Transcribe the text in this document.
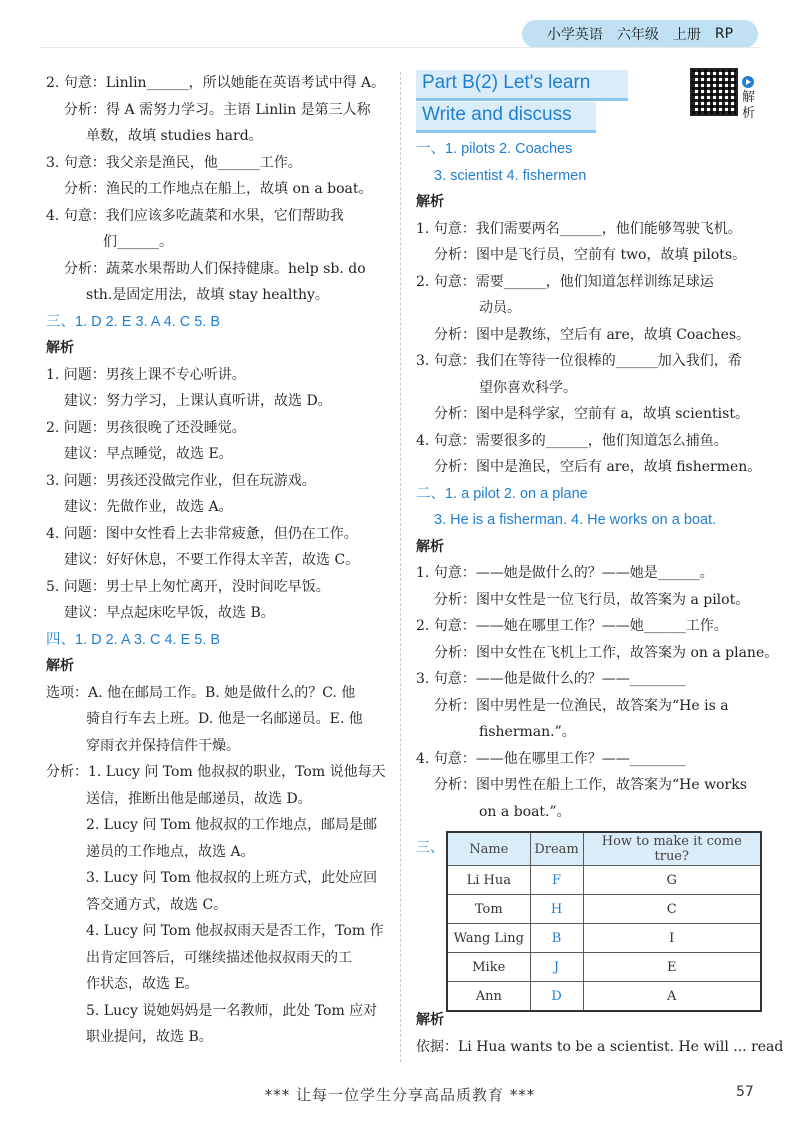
小学英语 六年级 上册 RP
2. 句意：Linlin______，所以她能在英语考试中得 A。
分析：得 A 需努力学习。主语 Linlin 是第三人称
单数，故填 studies hard。
3. 句意：我父亲是渔民，他______工作。
分析：渔民的工作地点在船上，故填 on a boat。
4. 句意：我们应该多吃蔬菜和水果，它们帮助我
们______。
分析：蔬菜水果帮助人们保持健康。help sb. do
sth.是固定用法，故填 stay healthy。
三、1. D 2. E 3. A 4. C 5. B
解析
1. 问题：男孩上课不专心听讲。
建议：努力学习，上课认真听讲，故选 D。
2. 问题：男孩很晚了还没睡觉。
建议：早点睡觉，故选 E。
3. 问题：男孩还没做完作业，但在玩游戏。
建议：先做作业，故选 A。
4. 问题：图中女性看上去非常疲惫，但仍在工作。
建议：好好休息，不要工作得太辛苦，故选 C。
5. 问题：男士早上匆忙离开，没时间吃早饭。
建议：早点起床吃早饭，故选 B。
四、1. D 2. A 3. C 4. E 5. B
解析
选项：A. 他在邮局工作。B. 她是做什么的？C. 他
骑自行车去上班。D. 他是一名邮递员。E. 他
穿雨衣并保持信件干燥。
分析：1. Lucy 问 Tom 他叔叔的职业，Tom 说他每天
送信，推断出他是邮递员，故选 D。
2. Lucy 问 Tom 他叔叔的工作地点，邮局是邮
递员的工作地点，故选 A。
3. Lucy 问 Tom 他叔叔的上班方式，此处应回
答交通方式，故选 C。
4. Lucy 问 Tom 他叔叔雨天是否工作，Tom 作
出肯定回答后，可继续描述他叔叔雨天的工
作状态，故选 E。
5. Lucy 说她妈妈是一名教师，此处 Tom 应对
职业提问，故选 B。
Part B(2) Let's learn
Write and discuss
解析
一、1. pilots 2. Coaches
3. scientist 4. fishermen
解析
1. 句意：我们需要两名______，他们能够驾驶飞机。
分析：图中是飞行员，空前有 two，故填 pilots。
2. 句意：需要______，他们知道怎样训练足球运
动员。
分析：图中是教练，空后有 are，故填 Coaches。
3. 句意：我们在等待一位很棒的______加入我们，希
望你喜欢科学。
分析：图中是科学家，空前有 a，故填 scientist。
4. 句意：需要很多的______，他们知道怎么捕鱼。
分析：图中是渔民，空后有 are，故填 fishermen。
二、1. a pilot 2. on a plane
3. He is a fisherman. 4. He works on a boat.
解析
1. 句意：——她是做什么的？——她是______。
分析：图中女性是一位飞行员，故答案为 a pilot。
2. 句意：——她在哪里工作？——她______工作。
分析：图中女性在飞机上工作，故答案为 on a plane。
3. 句意：——他是做什么的？——________
分析：图中男性是一位渔民，故答案为“He is a
fisherman.”。
4. 句意：——他在哪里工作？——________
分析：图中男性在船上工作，故答案为“He works
on a boat.”。
三、 Name	Dream	How to make it come true?
Li Hua	F	G
Tom	H	C
Wang Ling	B	I
Mike	J	E
Ann	D	A
解析
依据：Li Hua wants to be a scientist. He will ... read
*** 让每一位学生分享高品质教育 ***	57
